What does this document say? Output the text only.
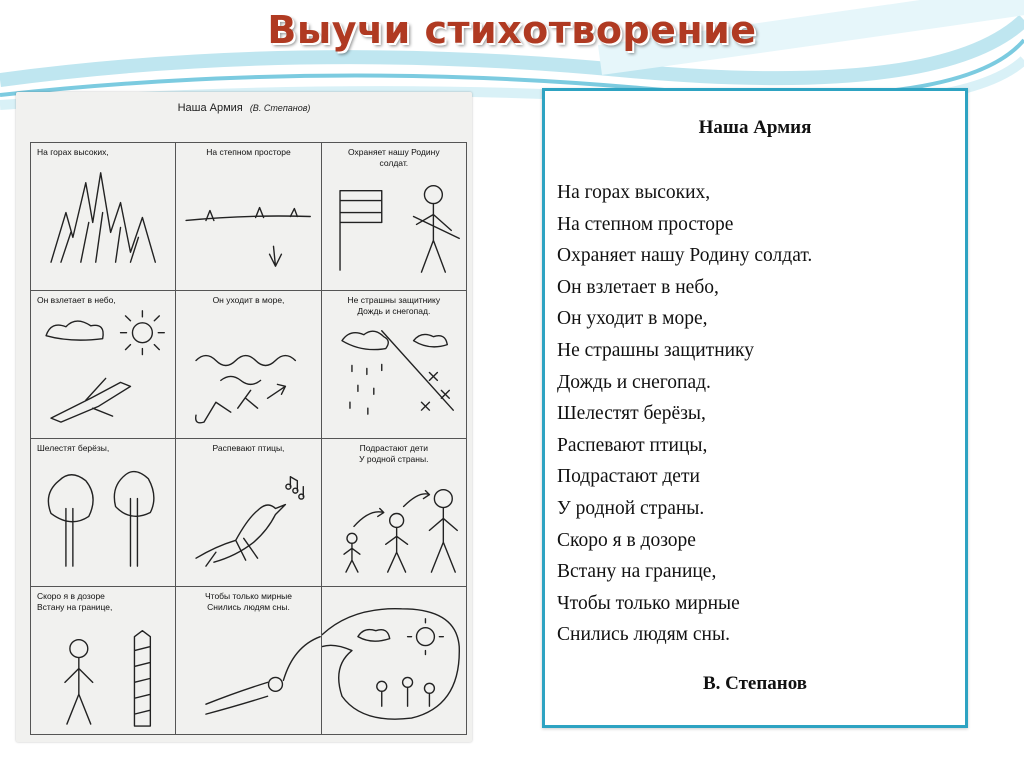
Выучи стихотворение
Наша Армия (В. Степанов)
На горах высоких,	На степном просторе	Охраняет нашу Родину
солдат.
Он взлетает в небо,	Он уходит в море,	Не страшны защитнику
Дождь и снегопад.
Шелестят берёзы,	Распевают птицы,	Подрастают дети
У родной страны.
Скоро я в дозоре
Встану на границе,
Чтобы только мирные
Снились людям сны.
Наша Армия
На горах высоких,
На степном просторе
Охраняет нашу Родину солдат.
Он взлетает в небо,
Он уходит в море,
Не страшны защитнику
Дождь и снегопад.
Шелестят берёзы,
Распевают птицы,
Подрастают дети
У родной страны.
Скоро я в дозоре
Встану на границе,
Чтобы только мирные
Снились людям сны.
В. Степанов
